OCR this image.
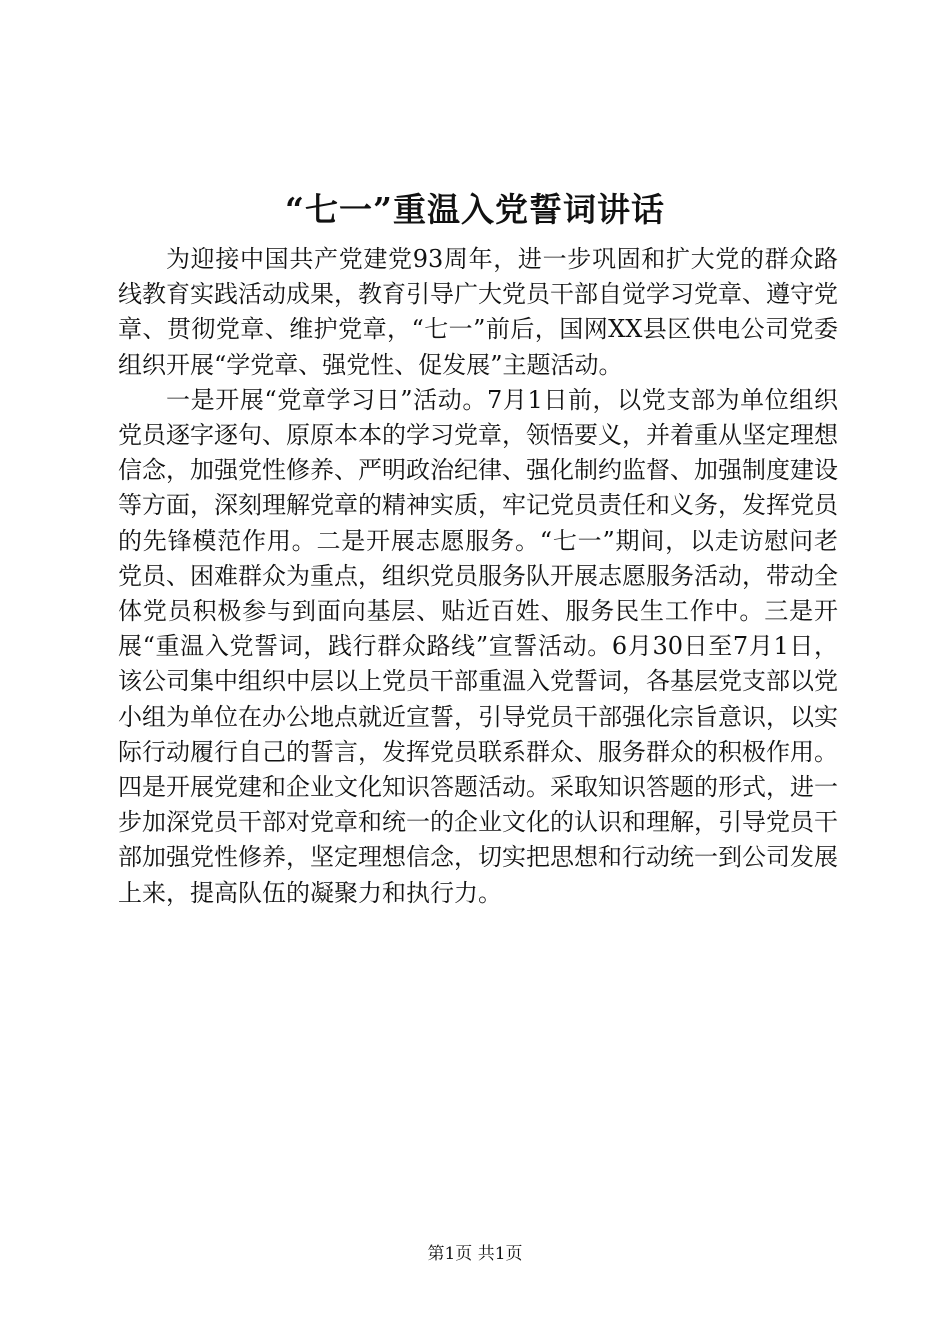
“七一”重温入党誓词讲话

为迎接中国共产党建党93周年，进一步巩固和扩大党的群众路线教育实践活动成果，教育引导广大党员干部自觉学习党章、遵守党章、贯彻党章、维护党章，“七一”前后，国网XX县区供电公司党委组织开展“学党章、强党性、促发展”主题活动。

一是开展“党章学习日”活动。7月1日前，以党支部为单位组织党员逐字逐句、原原本本的学习党章，领悟要义，并着重从坚定理想信念，加强党性修养、严明政治纪律、强化制约监督、加强制度建设等方面，深刻理解党章的精神实质，牢记党员责任和义务，发挥党员的先锋模范作用。二是开展志愿服务。“七一”期间，以走访慰问老党员、困难群众为重点，组织党员服务队开展志愿服务活动，带动全体党员积极参与到面向基层、贴近百姓、服务民生工作中。三是开展“重温入党誓词，践行群众路线”宣誓活动。6月30日至7月1日，该公司集中组织中层以上党员干部重温入党誓词，各基层党支部以党小组为单位在办公地点就近宣誓，引导党员干部强化宗旨意识，以实际行动履行自己的誓言，发挥党员联系群众、服务群众的积极作用。四是开展党建和企业文化知识答题活动。采取知识答题的形式，进一步加深党员干部对党章和统一的企业文化的认识和理解，引导党员干部加强党性修养，坚定理想信念，切实把思想和行动统一到公司发展上来，提高队伍的凝聚力和执行力。

第1页 共1页
